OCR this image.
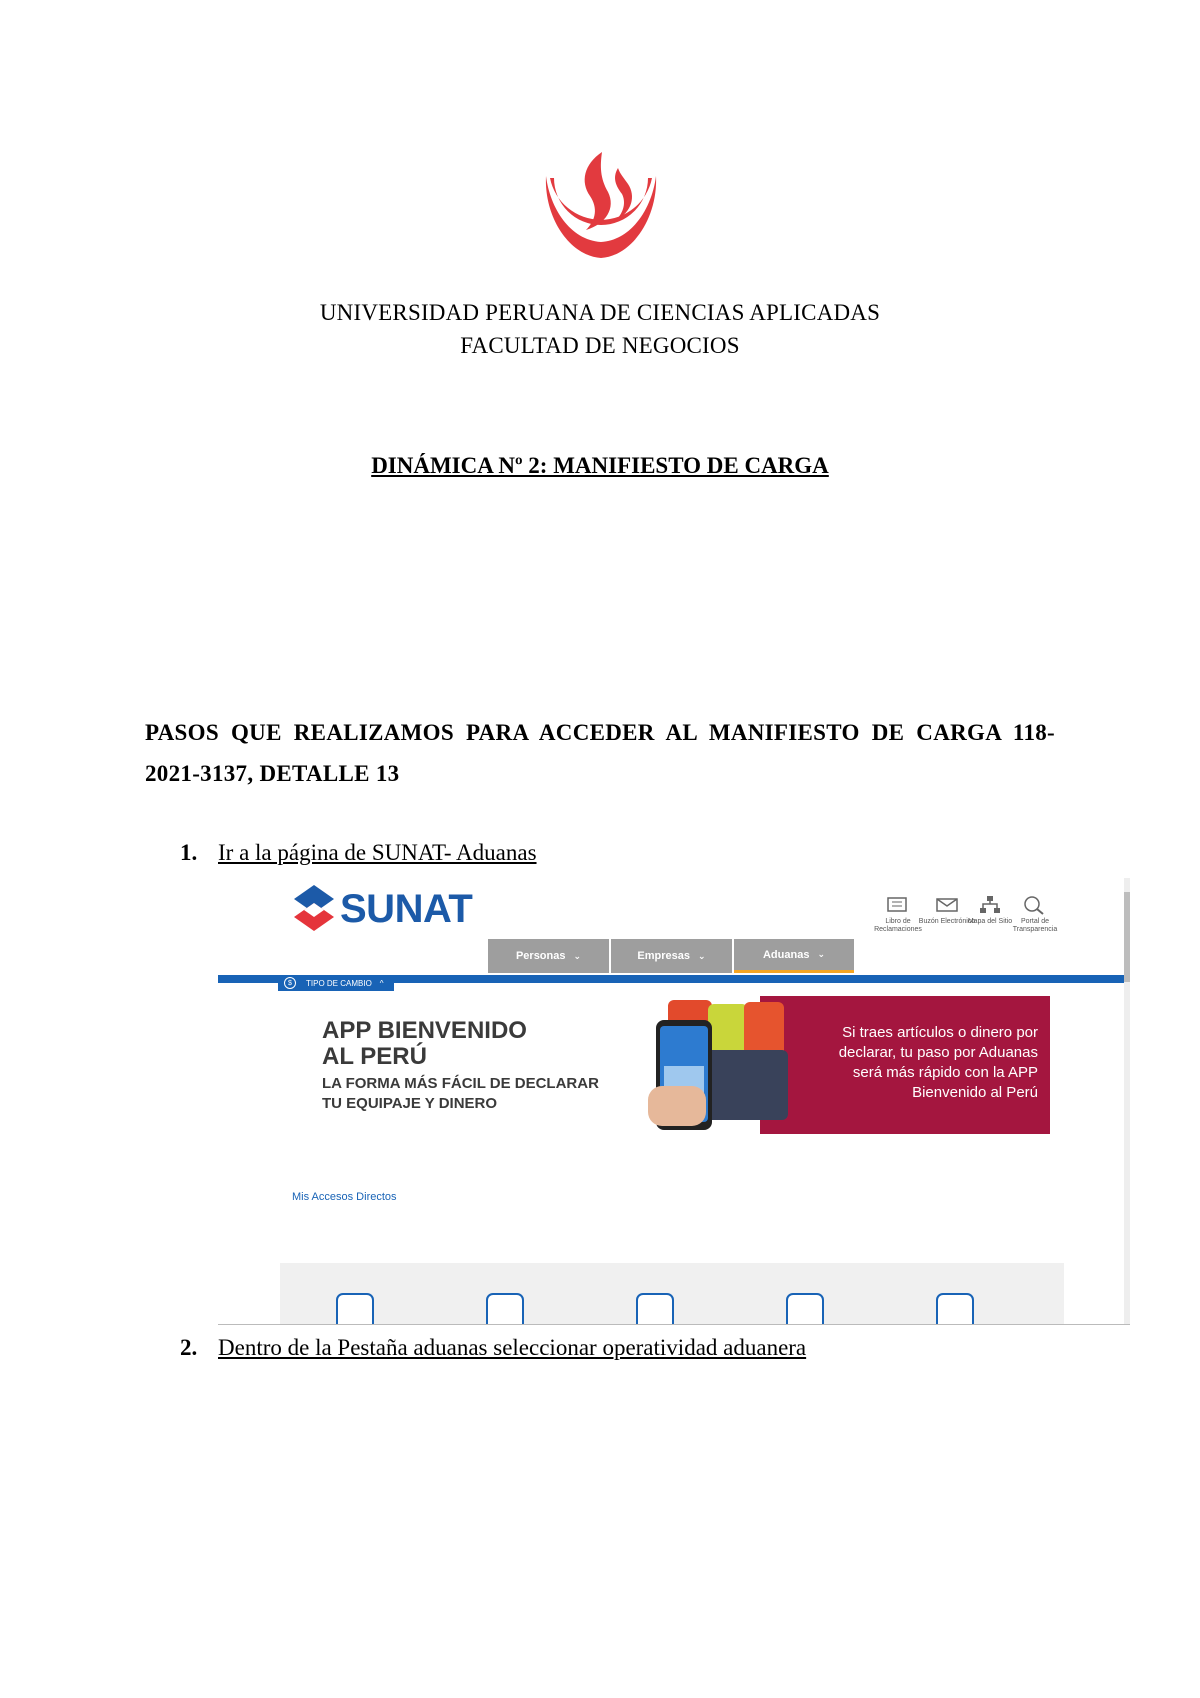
UNIVERSIDAD PERUANA DE CIENCIAS APLICADAS
FACULTAD DE NEGOCIOS
DINÁMICA Nº 2: MANIFIESTO DE CARGA
PASOS QUE REALIZAMOS PARA ACCEDER AL MANIFIESTO DE CARGA 118-2021-3137, DETALLE 13
1. Ir a la página de SUNAT- Aduanas
SUNAT	Libro de Reclamaciones
Buzón Electrónico
Mapa del Sitio	Portal de Transparencia
Personas ⌄	Empresas ⌄	Aduanas ⌄
$	TIPO DE CAMBIO ^
APP BIENVENIDO
AL PERÚ
LA FORMA MÁS FÁCIL DE DECLARAR
TU EQUIPAJE Y DINERO
Si traes artículos o dinero por
declarar, tu paso por Aduanas
será más rápido con la APP
Bienvenido al Perú
Mis Accesos Directos
2. Dentro de la Pestaña aduanas seleccionar operatividad aduanera
